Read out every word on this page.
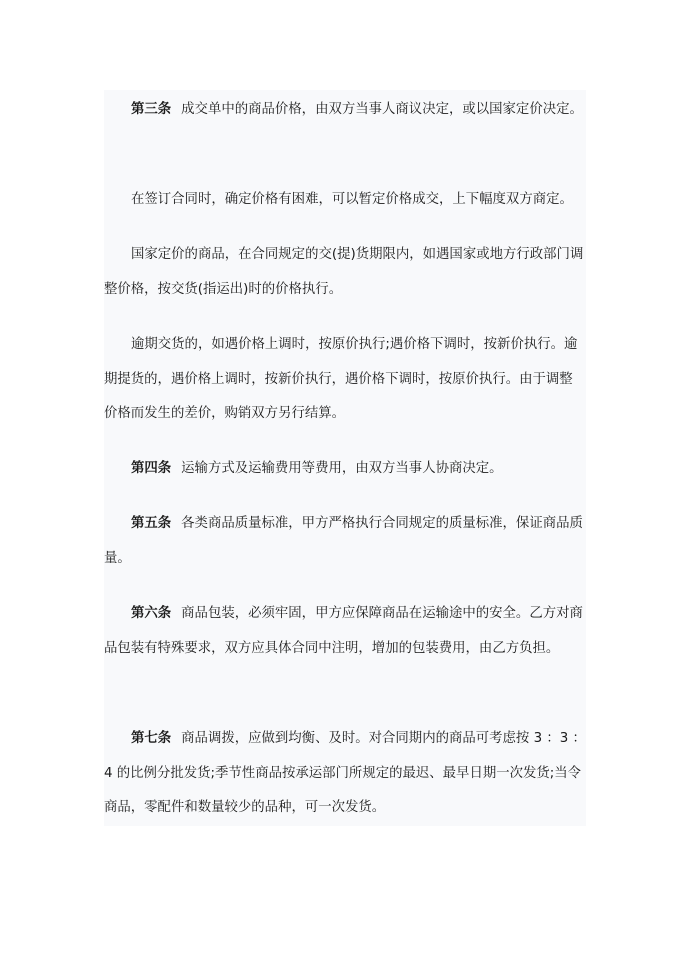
第三条 成交单中的商品价格，由双方当事人商议决定，或以国家定价决定。

在签订合同时，确定价格有困难，可以暂定价格成交，上下幅度双方商定。

国家定价的商品，在合同规定的交(提)货期限内，如遇国家或地方行政部门调整价格，按交货(指运出)时的价格执行。

逾期交货的，如遇价格上调时，按原价执行;遇价格下调时，按新价执行。逾期提货的，遇价格上调时，按新价执行，遇价格下调时，按原价执行。由于调整价格而发生的差价，购销双方另行结算。

第四条 运输方式及运输费用等费用，由双方当事人协商决定。

第五条 各类商品质量标准，甲方严格执行合同规定的质量标准，保证商品质量。

第六条 商品包装，必须牢固，甲方应保障商品在运输途中的安全。乙方对商品包装有特殊要求，双方应具体合同中注明，增加的包装费用，由乙方负担。

第七条 商品调拨，应做到均衡、及时。对合同期内的商品可考虑按 3 ：3 ：4 的比例分批发货;季节性商品按承运部门所规定的最迟、最早日期一次发货;当令商品，零配件和数量较少的品种，可一次发货。
